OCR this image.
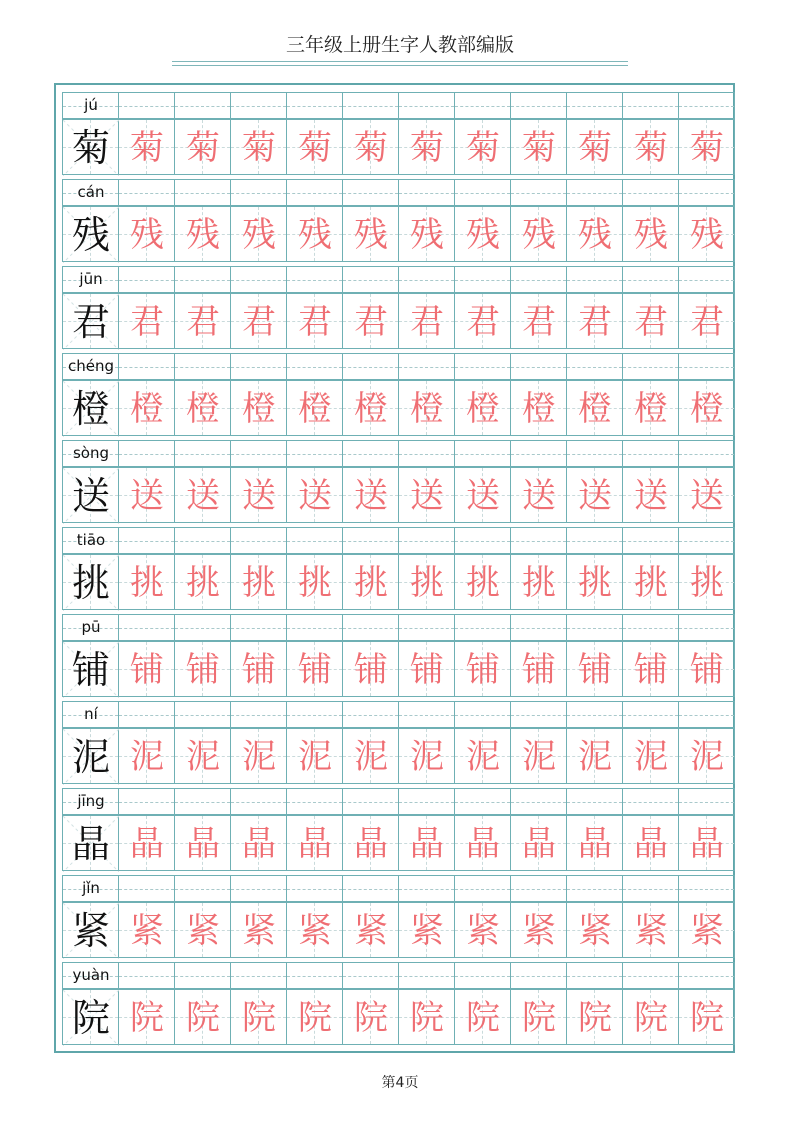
三年级上册生字人教部编版
jú
菊 菊 菊 菊 菊 菊 菊 菊 菊 菊 菊 菊
cán
残 残 残 残 残 残 残 残 残 残 残 残
jūn
君 君 君 君 君 君 君 君 君 君 君 君
chéng
橙 橙 橙 橙 橙 橙 橙 橙 橙 橙 橙 橙
sòng
送 送 送 送 送 送 送 送 送 送 送 送
tiāo
挑 挑 挑 挑 挑 挑 挑 挑 挑 挑 挑 挑
pū
铺 铺 铺 铺 铺 铺 铺 铺 铺 铺 铺 铺
ní
泥 泥 泥 泥 泥 泥 泥 泥 泥 泥 泥 泥
jīng
晶 晶 晶 晶 晶 晶 晶 晶 晶 晶 晶 晶
jǐn
紧 紧 紧 紧 紧 紧 紧 紧 紧 紧 紧 紧
yuàn
院 院 院 院 院 院 院 院 院 院 院 院
第4页
